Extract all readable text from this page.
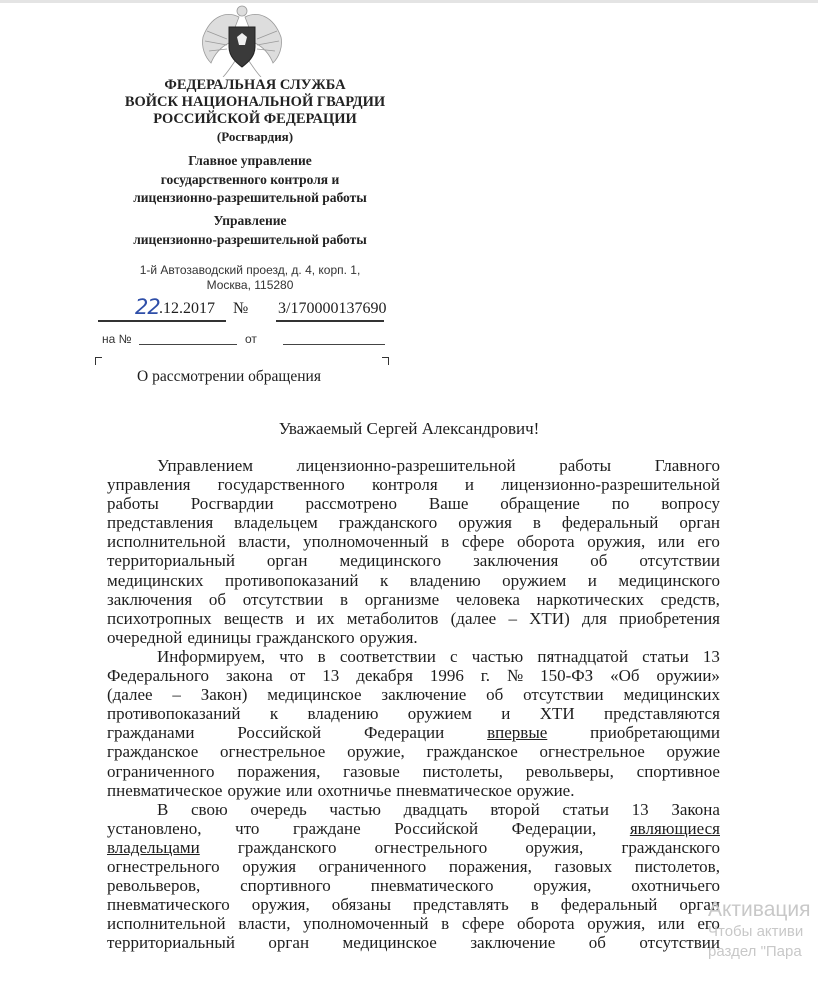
ФЕДЕРАЛЬНАЯ СЛУЖБА
ВОЙСК НАЦИОНАЛЬНОЙ ГВАРДИИ
РОССИЙСКОЙ ФЕДЕРАЦИИ
(Росгвардия)
Главное управление
государственного контроля и
лицензионно-разрешительной работы
Управление
лицензионно-разрешительной работы
1-й Автозаводский проезд, д. 4, корп. 1,
Москва, 115280
22 .12.2017 № 3/170000137690
на №	от
О рассмотрении обращения
Уважаемый Сергей Александрович!
Управлением	лицензионно-разрешительной	работы	Главного
управления государственного контроля и лицензионно-разрешительной
работы Росгвардии рассмотрено Ваше обращение по вопросу
представления владельцем гражданского оружия в федеральный орган
исполнительной власти, уполномоченный в сфере оборота оружия, или его
территориальный орган медицинского заключения об отсутствии
медицинских противопоказаний к владению оружием и медицинского
заключения об отсутствии в организме человека наркотических средств,
психотропных веществ и их метаболитов (далее – ХТИ) для приобретения
очередной единицы гражданского оружия.
Информируем, что в соответствии с частью пятнадцатой статьи 13
Федерального закона от 13 декабря 1996 г. № 150-ФЗ «Об оружии»
(далее – Закон) медицинское заключение об отсутствии медицинских
противопоказаний к владению оружием и ХТИ представляются
гражданами	Российской	Федерации	впервые	приобретающими
гражданское огнестрельное оружие, гражданское огнестрельное оружие
ограниченного поражения, газовые пистолеты, револьверы, спортивное
пневматическое оружие или охотничье пневматическое оружие.
В свою очередь частью двадцать второй статьи 13 Закона
установлено, что граждане Российской Федерации, являющиеся
владельцами гражданского огнестрельного оружия, гражданского
огнестрельного оружия ограниченного поражения, газовых пистолетов,
револьверов, спортивного пневматического оружия, охотничьего
пневматического оружия, обязаны представлять в федеральный орган
исполнительной власти, уполномоченный в сфере оборота оружия, или его
территориальный орган медицинское заключение об отсутствии
Активация
Чтобы активи
раздел "Пара
